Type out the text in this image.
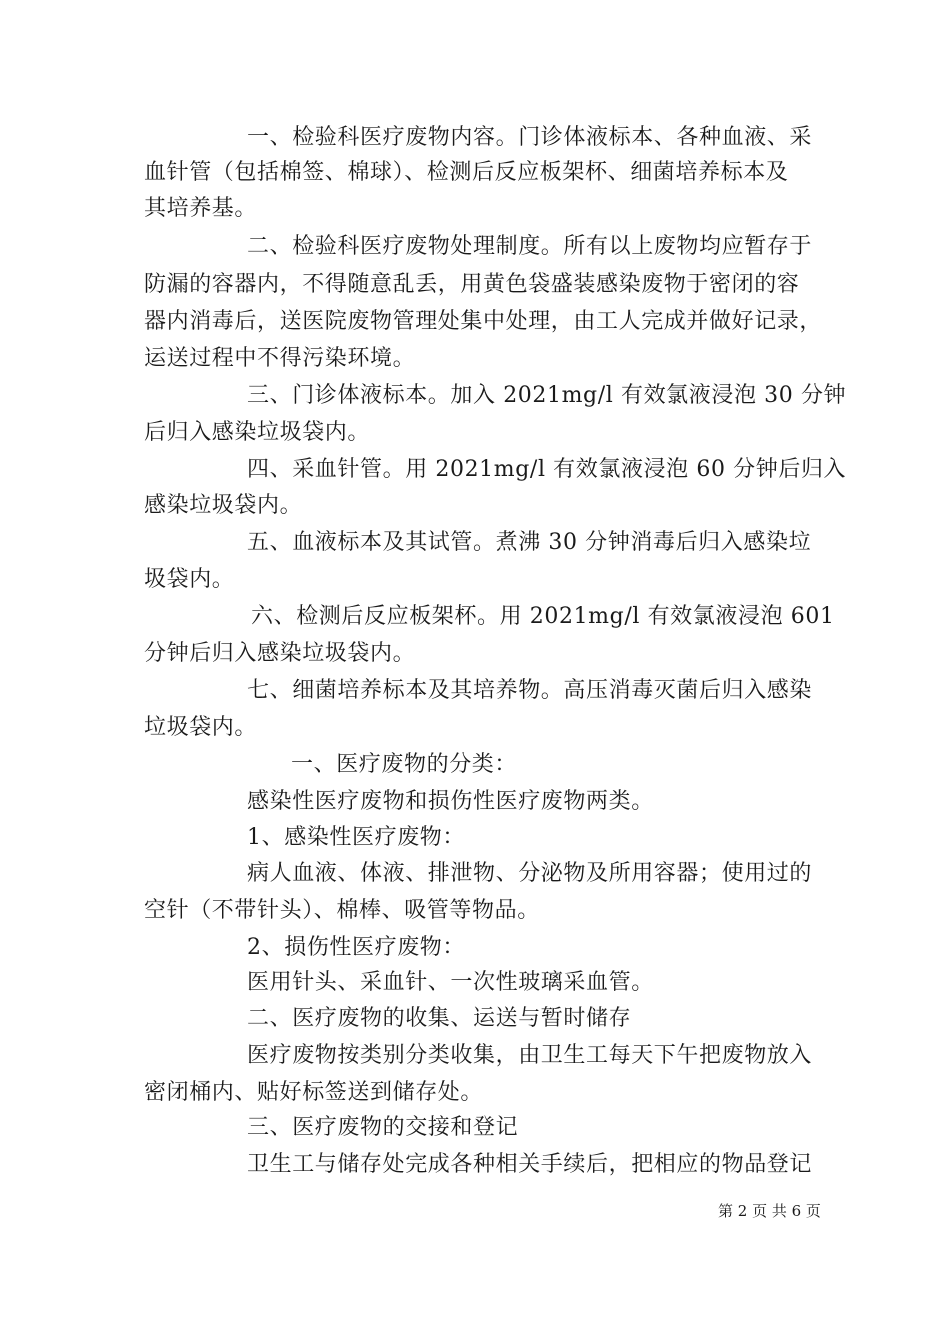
一、检验科医疗废物内容。门诊体液标本、各种血液、采
血针管（包括棉签、棉球）、检测后反应板架杯、细菌培养标本及
其培养基。
二、检验科医疗废物处理制度。所有以上废物均应暂存于
防漏的容器内，不得随意乱丢，用黄色袋盛装感染废物于密闭的容
器内消毒后，送医院废物管理处集中处理，由工人完成并做好记录，
运送过程中不得污染环境。
三、门诊体液标本。加入 2021mg/l 有效氯液浸泡 30 分钟
后归入感染垃圾袋内。
四、采血针管。用 2021mg/l 有效氯液浸泡 60 分钟后归入
感染垃圾袋内。
五、血液标本及其试管。煮沸 30 分钟消毒后归入感染垃
圾袋内。
六、检测后反应板架杯。用 2021mg/l 有效氯液浸泡 601
分钟后归入感染垃圾袋内。
七、细菌培养标本及其培养物。高压消毒灭菌后归入感染
垃圾袋内。
一、医疗废物的分类：
感染性医疗废物和损伤性医疗废物两类。
1、感染性医疗废物：
病人血液、体液、排泄物、分泌物及所用容器；使用过的
空针（不带针头）、棉棒、吸管等物品。
2、损伤性医疗废物：
医用针头、采血针、一次性玻璃采血管。
二、医疗废物的收集、运送与暂时储存
医疗废物按类别分类收集，由卫生工每天下午把废物放入
密闭桶内、贴好标签送到储存处。
三、医疗废物的交接和登记
卫生工与储存处完成各种相关手续后，把相应的物品登记
第 2 页 共 6 页
